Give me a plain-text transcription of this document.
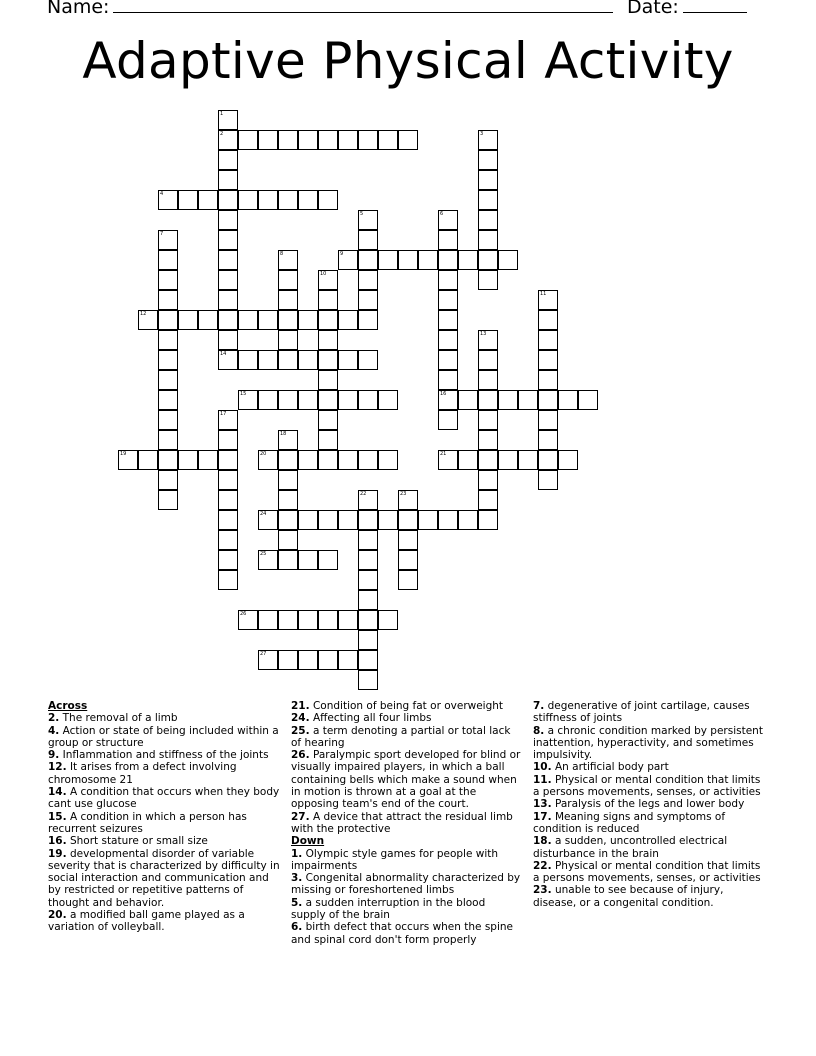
Name:	Date:
Adaptive Physical Activity
1
2	3
4
5	6
7
8	9
10
11
12
13
14
15	16
17
18
19	20	21
22	23
24
25
26
27
Across
2. The removal of a limb
4. Action or state of being included within a group or structure
9. Inflammation and stiffness of the joints
12. It arises from a defect involving chromosome 21
14. A condition that occurs when they body cant use glucose
15. A condition in which a person has recurrent seizures
16. Short stature or small size
19. developmental disorder of variable severity that is characterized by difficulty in social interaction and communication and by restricted or repetitive patterns of thought and behavior.
20. a modified ball game played as a variation of volleyball.
21. Condition of being fat or overweight
24. Affecting all four limbs
25. a term denoting a partial or total lack of hearing
26. Paralympic sport developed for blind or visually impaired players, in which a ball containing bells which make a sound when in motion is thrown at a goal at the opposing team's end of the court.
27. A device that attract the residual limb with the protective
Down
1. Olympic style games for people with impairments
3. Congenital abnormality characterized by missing or foreshortened limbs
5. a sudden interruption in the blood supply of the brain
6. birth defect that occurs when the spine and spinal cord don't form properly
7. degenerative of joint cartilage, causes stiffness of joints
8. a chronic condition marked by persistent inattention, hyperactivity, and sometimes impulsivity.
10. An artificial body part
11. Physical or mental condition that limits a persons movements, senses, or activities
13. Paralysis of the legs and lower body
17. Meaning signs and symptoms of condition is reduced
18. a sudden, uncontrolled electrical disturbance in the brain
22. Physical or mental condition that limits a persons movements, senses, or activities
23. unable to see because of injury, disease, or a congenital condition.
